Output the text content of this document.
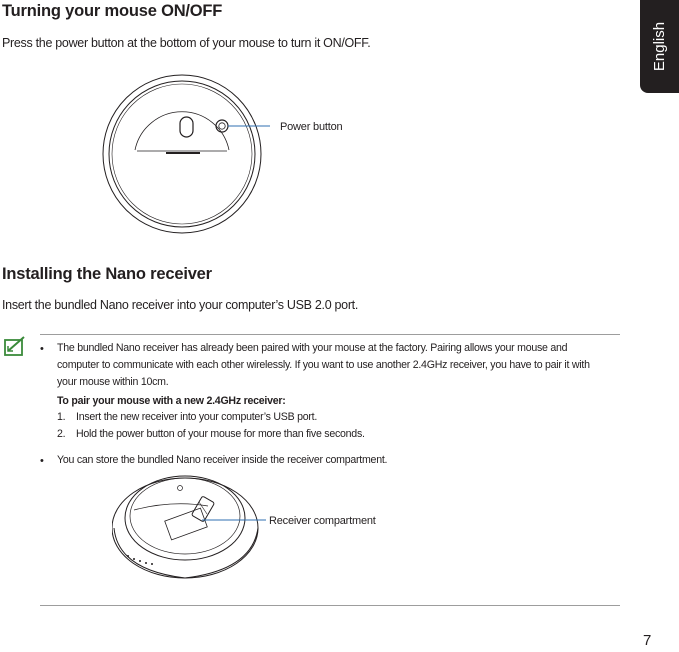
English
Turning your mouse ON/OFF
Press the power button at the bottom of your mouse to turn it ON/OFF.
Power button
Installing the Nano receiver
Insert the bundled Nano receiver into your computer’s USB 2.0 port.
• The bundled Nano receiver has already been paired with your mouse at the factory. Pairing allows your mouse and
computer to communicate with each other wirelessly. If you want to use another 2.4GHz receiver, you have to pair it with
your mouse within 10cm.
To pair your mouse with a new 2.4GHz receiver:
1. Insert the new receiver into your computer’s USB port.
2. Hold the power button of your mouse for more than five seconds.
• You can store the bundled Nano receiver inside the receiver compartment.
Receiver compartment
7
